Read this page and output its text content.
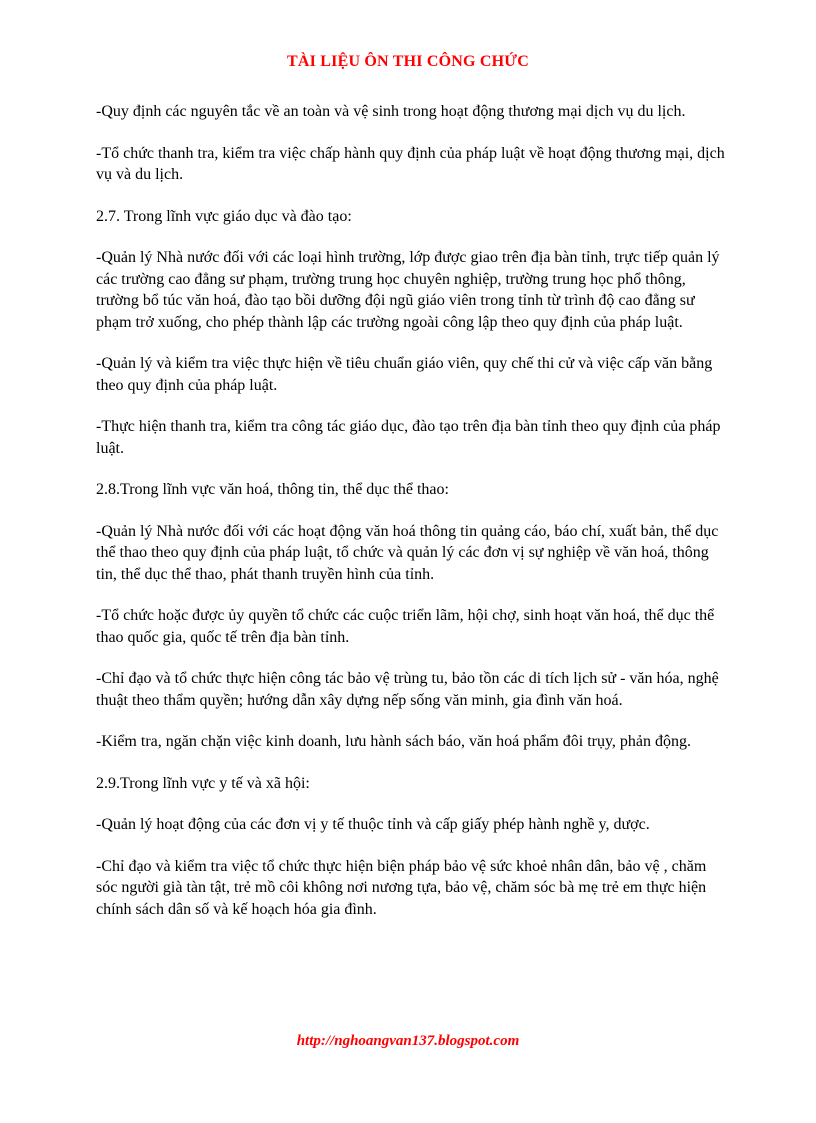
TÀI LIỆU ÔN THI CÔNG CHỨC

-Quy định các nguyên tắc về an toàn và vệ sinh trong hoạt động thương mại dịch vụ du lịch.

-Tổ chức thanh tra, kiểm tra việc chấp hành quy định của pháp luật về hoạt động thương mại, dịch vụ và du lịch.

2.7. Trong lĩnh vực giáo dục và đào tạo:

-Quản lý Nhà nước đối với các loại hình trường, lớp được giao trên địa bàn tỉnh, trực tiếp quản lý các trường cao đẳng sư phạm, trường trung học chuyên nghiệp, trường trung học phổ thông, trường bổ túc văn hoá, đào tạo bồi dưỡng đội ngũ giáo viên trong tỉnh từ trình độ cao đẳng sư phạm trở xuống, cho phép thành lập các trường ngoài công lập theo quy định của pháp luật.

-Quản lý và kiểm tra việc thực hiện về tiêu chuẩn giáo viên, quy chế thi cử và việc cấp văn bằng theo quy định của pháp luật.

-Thực hiện thanh tra, kiểm tra công tác giáo dục, đào tạo trên địa bàn tỉnh theo quy định của pháp luật.

2.8.Trong lĩnh vực văn hoá, thông tin, thể dục thể thao:

-Quản lý Nhà nước đối với các hoạt động văn hoá thông tin quảng cáo, báo chí, xuất bản, thể dục thể thao theo quy định của pháp luật, tổ chức và quản lý các đơn vị sự nghiệp về văn hoá, thông tin, thể dục thể thao, phát thanh truyền hình của tỉnh.

-Tổ chức hoặc được ủy quyền tổ chức các cuộc triển lãm, hội chợ, sinh hoạt văn hoá, thể dục thể thao quốc gia, quốc tế trên địa bàn tỉnh.

-Chỉ đạo và tổ chức thực hiện công tác bảo vệ trùng tu, bảo tồn các di tích lịch sử - văn hóa, nghệ thuật theo thẩm quyền; hướng dẫn xây dựng nếp sống văn minh, gia đình văn hoá.

-Kiểm tra, ngăn chặn việc kinh doanh, lưu hành sách báo, văn hoá phẩm đôi trụy, phản động.

2.9.Trong lĩnh vực y tế và xã hội:

-Quản lý hoạt động của các đơn vị y tế thuộc tỉnh và cấp giấy phép hành nghề y, dược.

-Chỉ đạo và kiểm tra việc tổ chức thực hiện biện pháp bảo vệ sức khoẻ nhân dân, bảo vệ , chăm sóc người già tàn tật, trẻ mồ côi không nơi nương tựa, bảo vệ, chăm sóc bà mẹ trẻ em thực hiện chính sách dân số và kế hoạch hóa gia đình.

http://nghoangvan137.blogspot.com
